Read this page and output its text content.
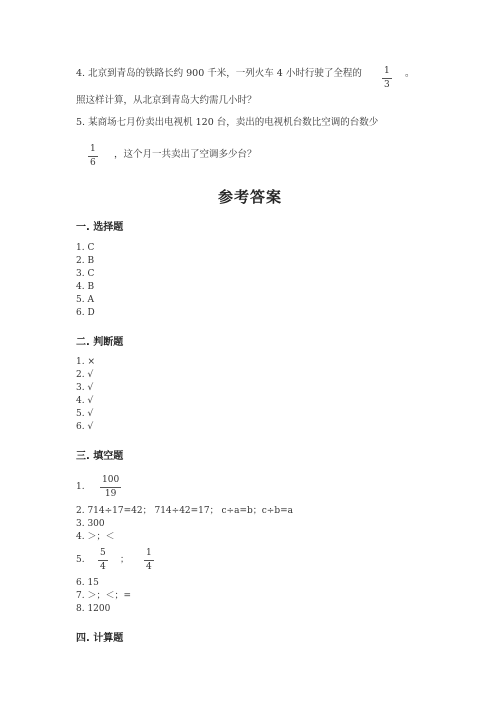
4. 北京到青岛的铁路长约 900 千米，一列火车 4 小时行驶了全程的 1
3
。
照这样计算，从北京到青岛大约需几小时？
5. 某商场七月份卖出电视机 120 台，卖出的电视机台数比空调的台数少
1
6
，这个月一共卖出了空调多少台？
参考答案
一. 选择题
1. C
2. B
3. C
4. B
5. A
6. D
二. 判断题
1. ×
2. √
3. √
4. √
5. √
6. √
三. 填空题
1.
100
19
2. 714÷17=42； 714÷42=17； c÷a=b；c÷b=a
3. 300
4. ＞；＜
5.
5
4
；
1
4
6. 15
7. ＞；＜；=
8. 1200
四. 计算题
